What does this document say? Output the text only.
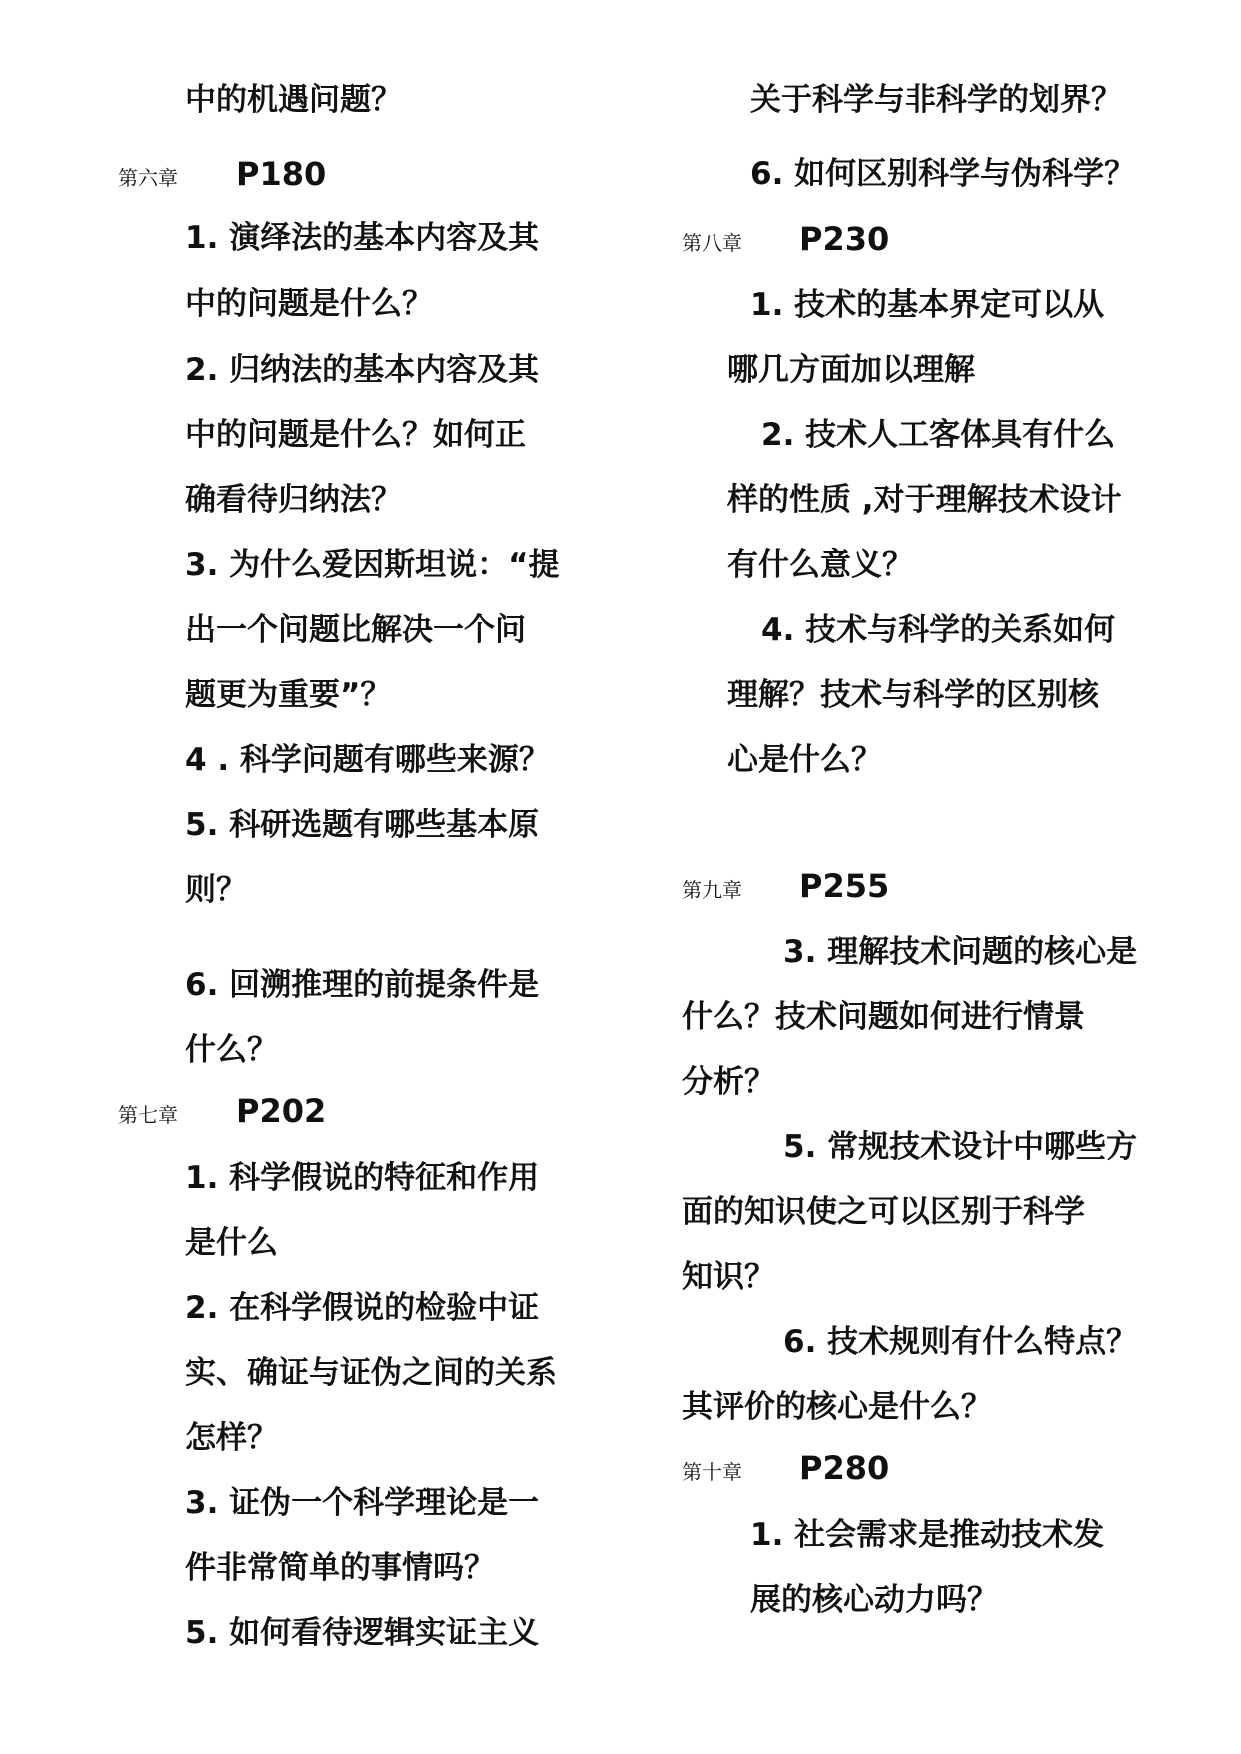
中的机遇问题？
第六章 P180
1. 演绎法的基本内容及其
中的问题是什么？
2. 归纳法的基本内容及其
中的问题是什么？如何正
确看待归纳法？
3. 为什么爱因斯坦说：“提
出一个问题比解决一个问
题更为重要”？
4 . 科学问题有哪些来源？
5. 科研选题有哪些基本原
则？
6. 回溯推理的前提条件是
什么？
第七章 P202
1. 科学假说的特征和作用
是什么
2. 在科学假说的检验中证
实、确证与证伪之间的关系
怎样？
3. 证伪一个科学理论是一
件非常简单的事情吗？
5. 如何看待逻辑实证主义
关于科学与非科学的划界？
6. 如何区别科学与伪科学？
第八章 P230
1. 技术的基本界定可以从
哪几方面加以理解
2. 技术人工客体具有什么
样的性质 ,对于理解技术设计
有什么意义？
4. 技术与科学的关系如何
理解？技术与科学的区别核
心是什么？
第九章 P255
3. 理解技术问题的核心是
什么？技术问题如何进行情景
分析？
5. 常规技术设计中哪些方
面的知识使之可以区别于科学
知识？
6. 技术规则有什么特点？
其评价的核心是什么？
第十章 P280
1. 社会需求是推动技术发
展的核心动力吗？
